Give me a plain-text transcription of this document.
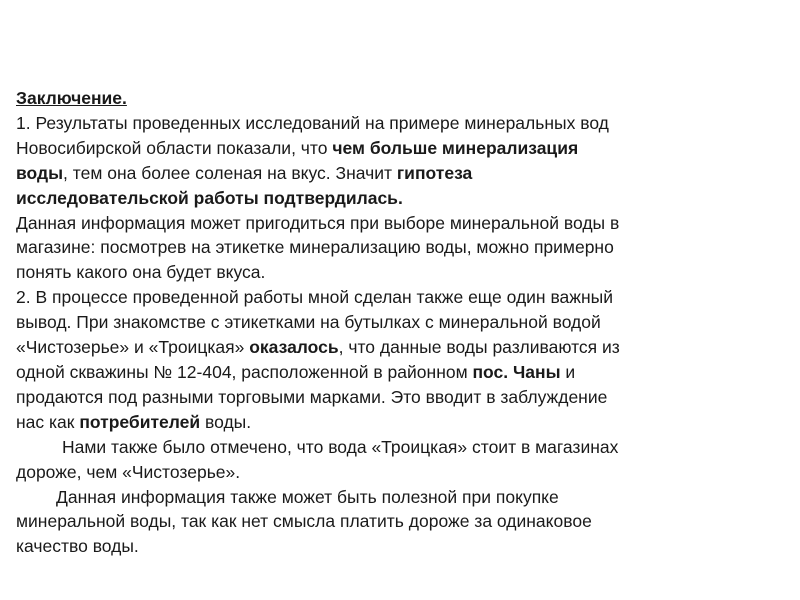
Заключение.
1. Результаты проведенных исследований на примере минеральных вод
Новосибирской области показали, что чем больше минерализация
воды, тем она более соленая на вкус. Значит гипотеза
исследовательской работы подтвердилась.
Данная информация может пригодиться при выборе минеральной воды в
магазине: посмотрев на этикетке минерализацию воды, можно примерно
понять какого она будет вкуса.
2. В процессе проведенной работы мной сделан также еще один важный
вывод. При знакомстве с этикетками на бутылках с минеральной водой
«Чистозерье» и «Троицкая» оказалось, что данные воды разливаются из
одной скважины № 12-404, расположенной в районном пос. Чаны и
продаются под разными торговыми марками. Это вводит в заблуждение
нас как потребителей воды.
Нами также было отмечено, что вода «Троицкая» стоит в магазинах
дороже, чем «Чистозерье».
Данная информация также может быть полезной при покупке
минеральной воды, так как нет смысла платить дороже за одинаковое
качество воды.
